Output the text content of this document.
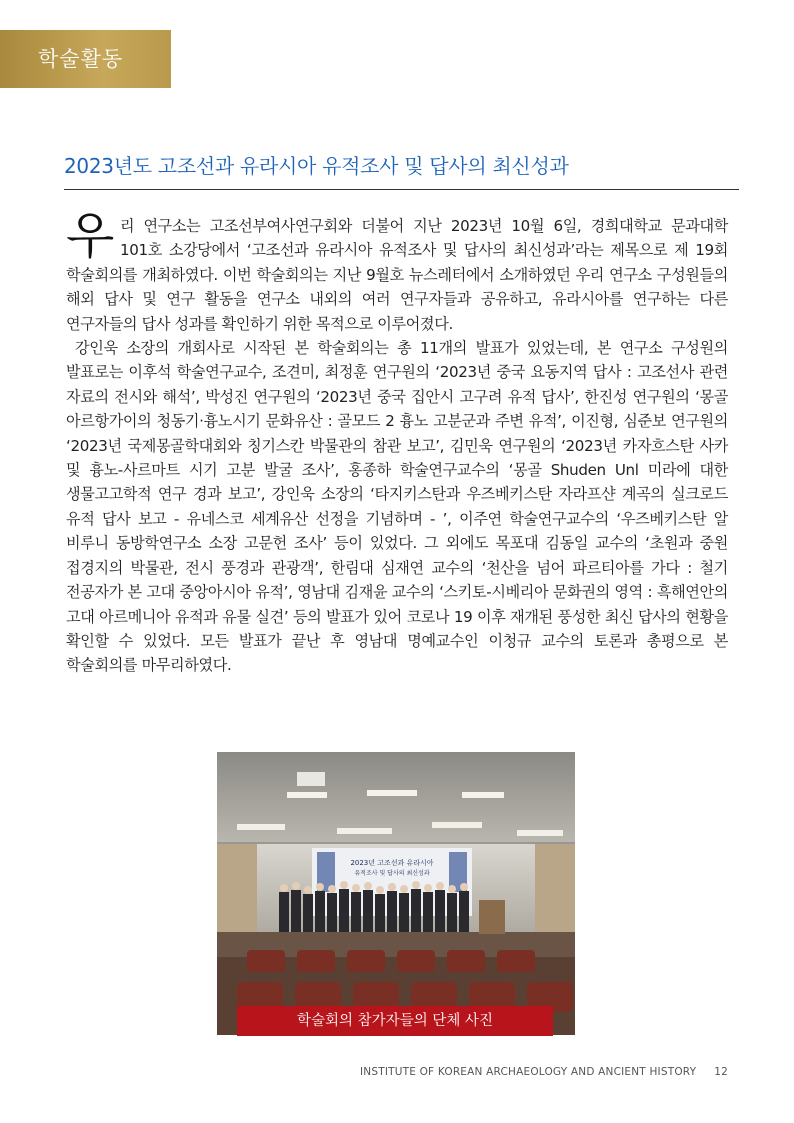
학술활동
2023년도 고조선과 유라시아 유적조사 및 답사의 최신성과

우리 연구소는 고조선부여사연구회와 더불어 지난 2023년 10월 6일, 경희대학교 문과대학 101호 소강당에서 ‘고조선과 유라시아 유적조사 및 답사의 최신성과’라는 제목으로 제 19회 학술회의를 개최하였다. 이번 학술회의는 지난 9월호 뉴스레터에서 소개하였던 우리 연구소 구성원들의 해외 답사 및 연구 활동을 연구소 내외의 여러 연구자들과 공유하고, 유라시아를 연구하는 다른 연구자들의 답사 성과를 확인하기 위한 목적으로 이루어졌다.

강인욱 소장의 개회사로 시작된 본 학술회의는 총 11개의 발표가 있었는데, 본 연구소 구성원의 발표로는 이후석 학술연구교수, 조견미, 최정훈 연구원의 ‘2023년 중국 요동지역 답사 : 고조선사 관련 자료의 전시와 해석’, 박성진 연구원의 ‘2023년 중국 집안시 고구려 유적 답사’, 한진성 연구원의 ‘몽골 아르항가이의 청동기·흉노시기 문화유산 : 골모드 2 흉노 고분군과 주변 유적’, 이진형, 심준보 연구원의 ‘2023년 국제몽골학대회와 칭기스칸 박물관의 참관 보고’, 김민욱 연구원의 ‘2023년 카자흐스탄 사카 및 흉노-사르마트 시기 고분 발굴 조사’, 홍종하 학술연구교수의 ‘몽골 Shuden Unl 미라에 대한 생물고고학적 연구 경과 보고’, 강인욱 소장의 ‘타지키스탄과 우즈베키스탄 자라프샨 계곡의 실크로드 유적 답사 보고 - 유네스코 세계유산 선정을 기념하며 - ’, 이주연 학술연구교수의 ‘우즈베키스탄 알 비루니 동방학연구소 소장 고문헌 조사’ 등이 있었다. 그 외에도 목포대 김동일 교수의 ‘초원과 중원 접경지의 박물관, 전시 풍경과 관광객’, 한림대 심재연 교수의 ‘천산을 넘어 파르티아를 가다 : 철기 전공자가 본 고대 중앙아시아 유적’, 영남대 김재윤 교수의 ‘스키토-시베리아 문화권의 영역 : 흑해연안의 고대 아르메니아 유적과 유물 실견’ 등의 발표가 있어 코로나 19 이후 재개된 풍성한 최신 답사의 현황을 확인할 수 있었다. 모든 발표가 끝난 후 영남대 명예교수인 이청규 교수의 토론과 총평으로 본 학술회의를 마무리하였다.

2023년 고조선과 유라시아
유적조사 및 답사의 최신성과
학술회의 참가자들의 단체 사진
INSTITUTE OF KOREAN ARCHAEOLOGY AND ANCIENT HISTORY 12
